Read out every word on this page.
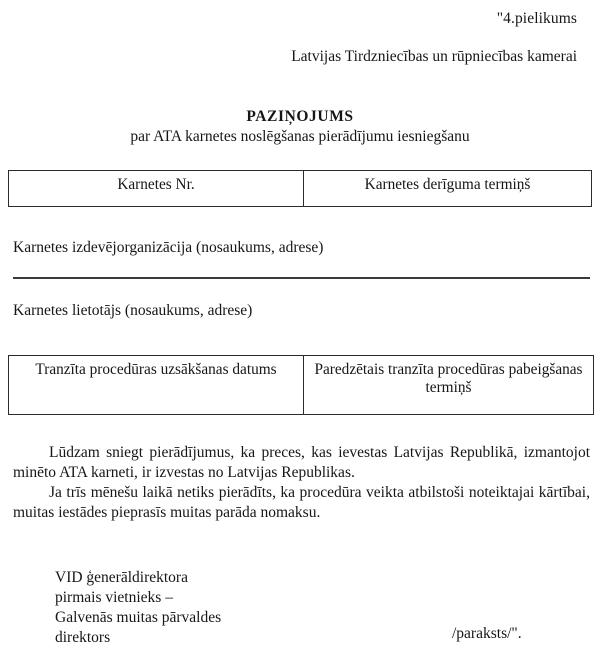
"4.pielikums
Latvijas Tirdzniecības un rūpniecības kamerai
PAZIŅOJUMS
par ATA karnetes noslēgšanas pierādījumu iesniegšanu
Karnetes Nr.	Karnetes derīguma termiņš
Karnetes izdevējorganizācija (nosaukums, adrese)
Karnetes lietotājs (nosaukums, adrese)
Tranzīta procedūras uzsākšanas datums	Paredzētais tranzīta procedūras pabeigšanas termiņš

Lūdzam sniegt pierādījumus, ka preces, kas ievestas Latvijas Republikā, izmantojot minēto ATA karneti, ir izvestas no Latvijas Republikas.

Ja trīs mēnešu laikā netiks pierādīts, ka procedūra veikta atbilstoši noteiktajai kārtībai, muitas iestādes pieprasīs muitas parāda nomaksu.

VID ģenerāldirektora
pirmais vietnieks –
Galvenās muitas pārvaldes
direktors	/paraksts/".
